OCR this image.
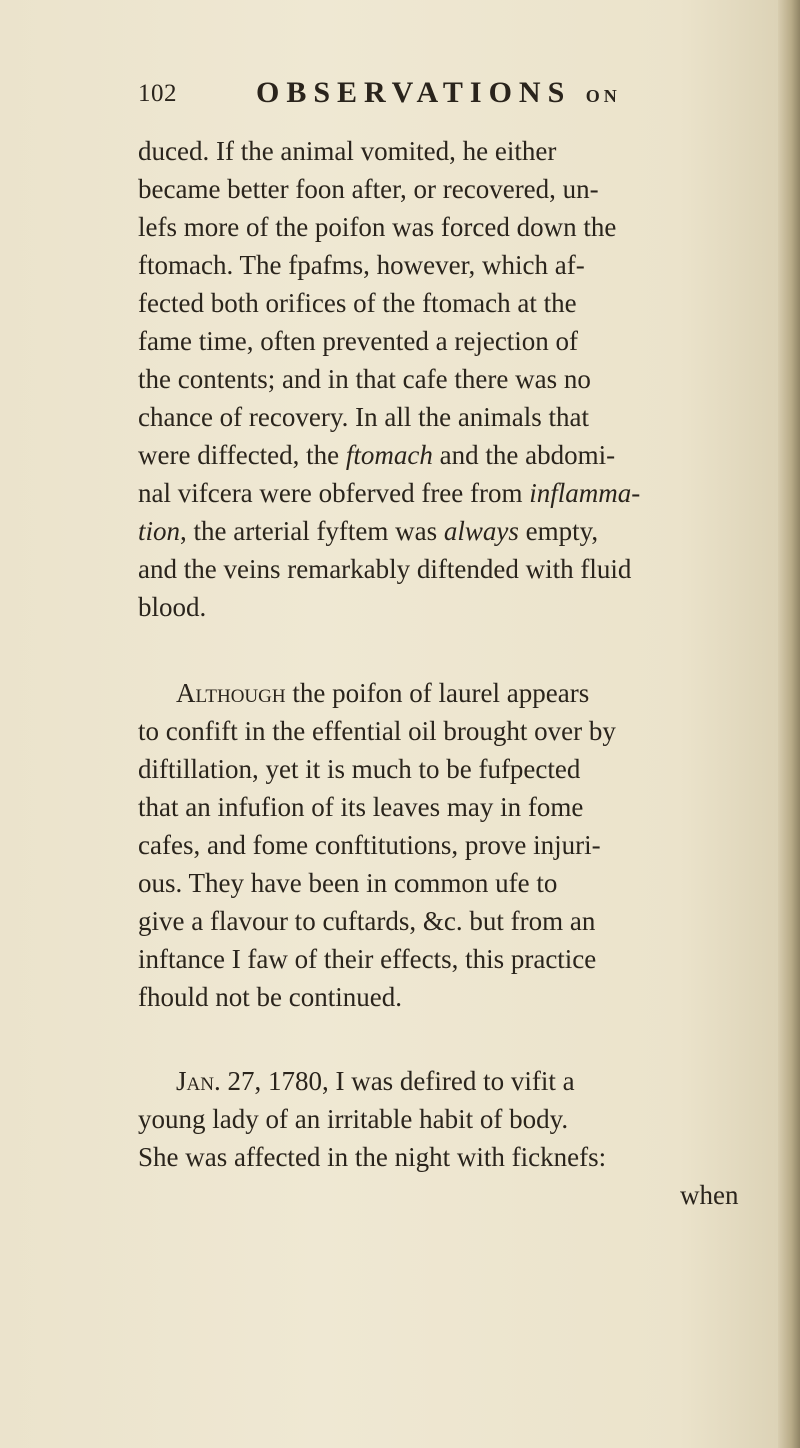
102	OBSERVATIONS ON
duced. If the animal vomited, he either
became better foon after, or recovered, un-
lefs more of the poifon was forced down the
ftomach. The fpafms, however, which af-
fected both orifices of the ftomach at the
fame time, often prevented a rejection of
the contents; and in that cafe there was no
chance of recovery. In all the animals that
were diffected, the ftomach and the abdomi-
nal vifcera were obferved free from inflamma-
tion, the arterial fyftem was always empty,
and the veins remarkably diftended with fluid
blood.
Although the poifon of laurel appears
to confift in the effential oil brought over by
diftillation, yet it is much to be fufpected
that an infufion of its leaves may in fome
cafes, and fome conftitutions, prove injuri-
ous. They have been in common ufe to
give a flavour to cuftards, &c. but from an
inftance I faw of their effects, this practice
fhould not be continued.
Jan. 27, 1780, I was defired to vifit a
young lady of an irritable habit of body.
She was affected in the night with ficknefs:
when
